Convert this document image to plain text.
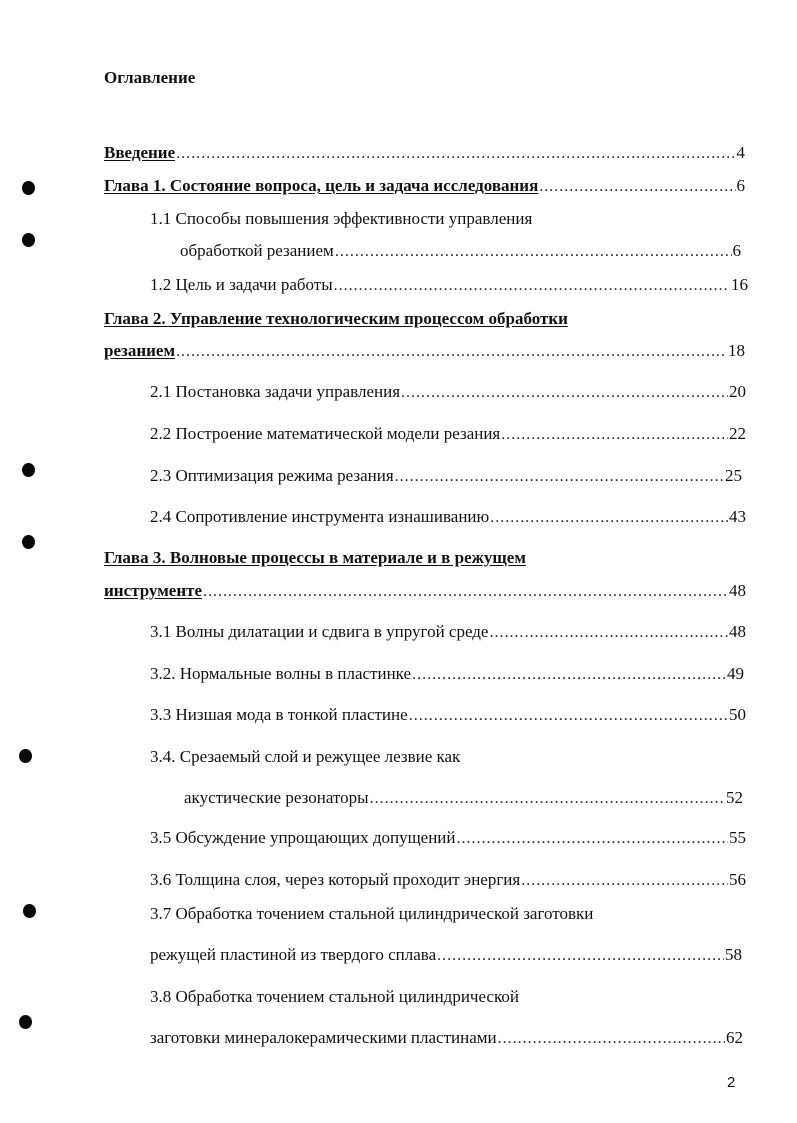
Оглавление
Введение .....	4
Глава 1. Состояние вопроса, цель и задача исследования .....	6
1.1 Способы повышения эффективности управления
обработкой резанием .....	6
1.2 Цель и задачи работы .....	16
Глава 2. Управление технологическим процессом обработки
резанием .....	18
2.1 Постановка задачи управления .....	20
2.2 Построение математической модели резания .....	22
2.3 Оптимизация режима резания .....	25
2.4 Сопротивление инструмента изнашиванию .....	43
Глава 3. Волновые процессы в материале и в режущем
инструменте .....	48
3.1 Волны дилатации и сдвига в упругой среде .....	48
3.2. Нормальные волны в пластинке .....	49
3.3 Низшая мода в тонкой пластине .....	50
3.4. Срезаемый слой и режущее лезвие как
акустические резонаторы .....	52
3.5 Обсуждение упрощающих допущений .....	55
3.6 Толщина слоя, через который проходит энергия .....	56
3.7 Обработка точением стальной цилиндрической заготовки
режущей пластиной из твердого сплава .....	58
3.8 Обработка точением стальной цилиндрической
заготовки минералокерамическими пластинами .....	62
2
